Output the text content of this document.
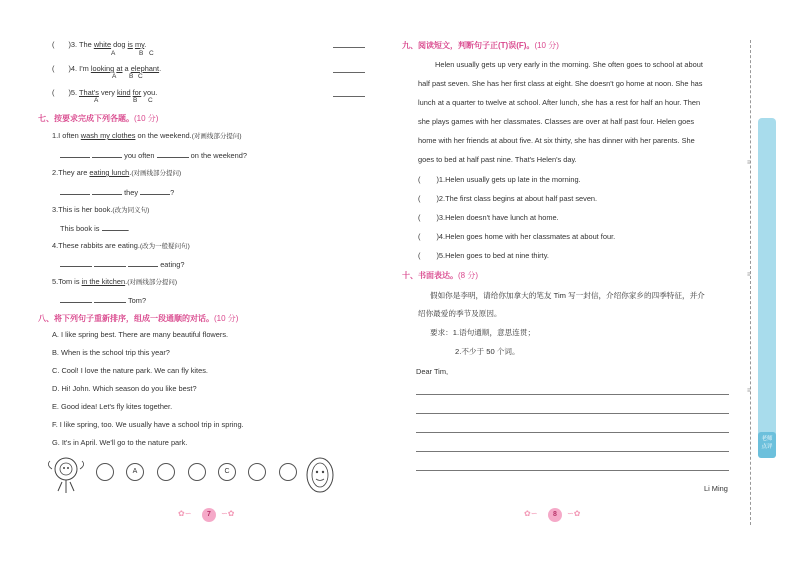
( )3. The white dog is my.
A	B C
( )4. I'm looking at a elephant.
A B C
( )5. That's very kind for you.
A	B C
七、按要求完成下列各题。(10 分)
1.I often wash my clothes on the weekend.(对画线部分提问)
you often	on the weekend?
2.They are eating lunch.(对画线部分提问)
they	?
3.This is her book.(改为同义句)
This book is	.
4.These rabbits are eating.(改为一般疑问句)
eating?
5.Tom is in the kitchen.(对画线部分提问)
Tom?
八、将下列句子重新排序，组成一段通顺的对话。(10 分)
A. I like spring best. There are many beautiful flowers.
B. When is the school trip this year?
C. Cool! I love the nature park. We can fly kites.
D. Hi! John. Which season do you like best?
E. Good idea! Let's fly kites together.
F. I like spring, too. We usually have a school trip in spring.
G. It's in April. We'll go to the nature park.
A	C
✿∽	7	∽✿
九、阅读短文，判断句子正(T)误(F)。(10 分)
Helen usually gets up very early in the morning. She often goes to school at about
half past seven. She has her first class at eight. She doesn't go home at noon. She has
lunch at a quarter to twelve at school. After lunch, she has a rest for half an hour. Then
she plays games with her classmates. Classes are over at half past four. Helen goes
home with her friends at about five. At six thirty, she has dinner with her parents. She
goes to bed at half past nine. That's Helen's day.
( )1.Helen usually gets up late in the morning.
( )2.The first class begins at about half past seven.
( )3.Helen doesn't have lunch at home.
( )4.Helen goes home with her classmates at about four.
( )5.Helen goes to bed at nine thirty.
十、书面表达。(8 分)
假如你是李明，请给你加拿大的笔友 Tim 写一封信，介绍你家乡的四季特征，并介
绍你最爱的季节及原因。
要求：1.语句通顺，意思连贯；
2.不少于 50 个词。
Dear Tim,
Li Ming
✿∽	8	∽✿
≡
≡
≡
老师
点评
